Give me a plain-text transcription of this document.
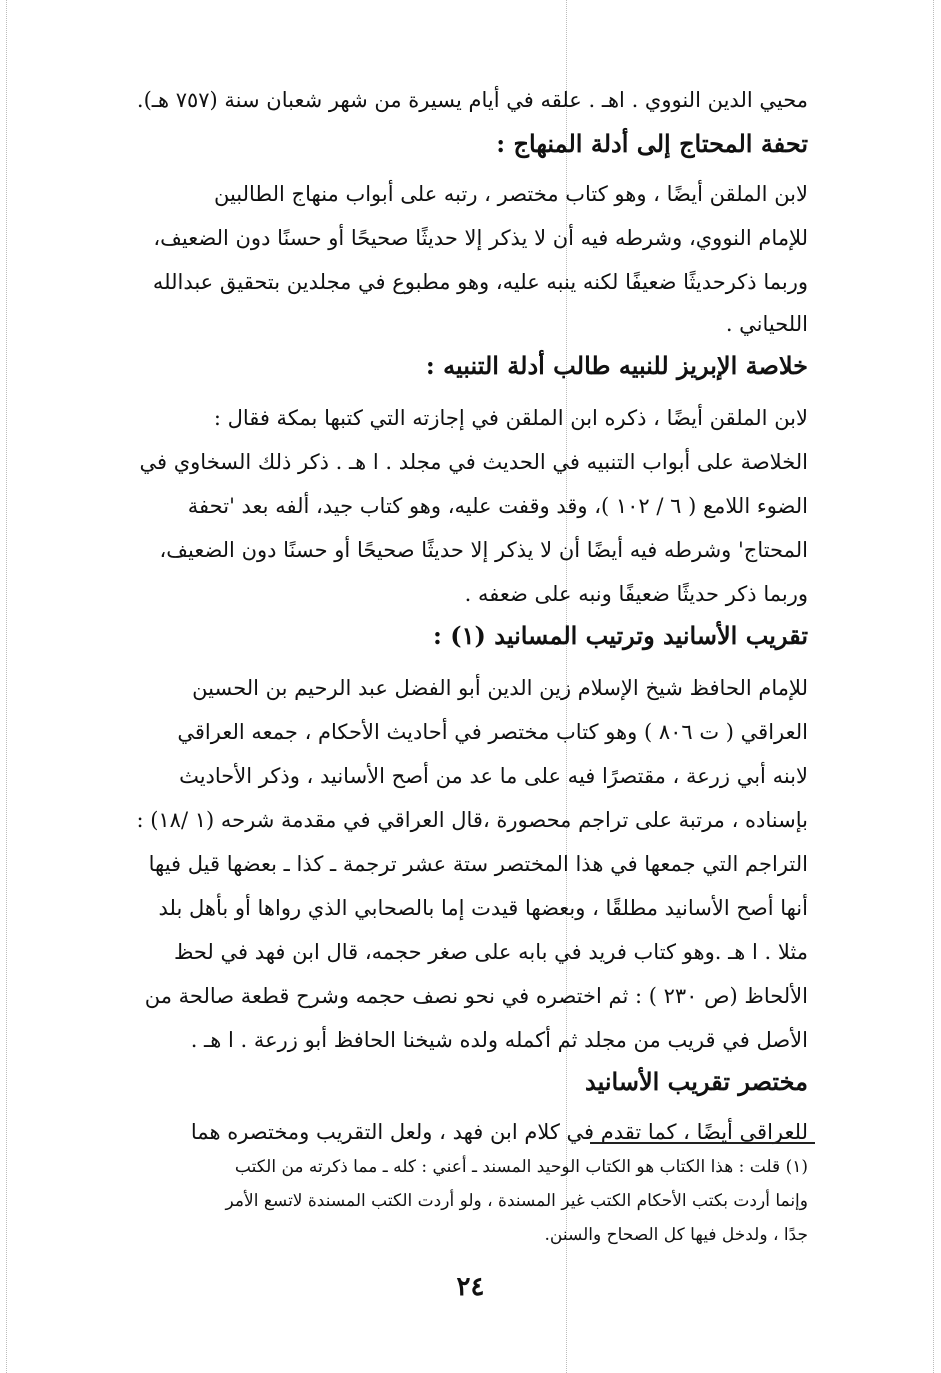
محيي الدين النووي . اهـ . علقه في أيام يسيرة من شهر شعبان سنة (٧٥٧ هـ).
تحفة المحتاج إلى أدلة المنهاج :
لابن الملقن أيضًا ، وهو كتاب مختصر ، رتبه على أبواب منهاج الطالبين
للإمام النووي، وشرطه فيه أن لا يذكر إلا حديثًا صحيحًا أو حسنًا دون الضعيف،
وربما ذكرحديثًا ضعيفًا لكنه ينبه عليه، وهو مطبوع في مجلدين بتحقيق عبدالله
اللحياني .
خلاصة الإبريز للنبيه طالب أدلة التنبيه :
لابن الملقن أيضًا ، ذكره ابن الملقن في إجازته التي كتبها بمكة فقال :
الخلاصة على أبواب التنبيه في الحديث في مجلد . ا هـ . ذكر ذلك السخاوي في
الضوء اللامع ( ٦ / ١٠٢ )، وقد وقفت عليه، وهو كتاب جيد، ألفه بعد 'تحفة
المحتاج' وشرطه فيه أيضًا أن لا يذكر إلا حديثًا صحيحًا أو حسنًا دون الضعيف،
وربما ذكر حديثًا ضعيفًا ونبه على ضعفه .
تقريب الأسانيد وترتيب المسانيد (١) :
للإمام الحافظ شيخ الإسلام زين الدين أبو الفضل عبد الرحيم بن الحسين
العراقي ( ت ٨٠٦ ) وهو كتاب مختصر في أحاديث الأحكام ، جمعه العراقي
لابنه أبي زرعة ، مقتصرًا فيه على ما عد من أصح الأسانيد ، وذكر الأحاديث
بإسناده ، مرتبة على تراجم محصورة ،قال العراقي في مقدمة شرحه (١ /١٨) :
التراجم التي جمعها في هذا المختصر ستة عشر ترجمة ـ كذا ـ بعضها قيل فيها
أنها أصح الأسانيد مطلقًا ، وبعضها قيدت إما بالصحابي الذي رواها أو بأهل بلد
مثلا . ا هـ .وهو كتاب فريد في بابه على صغر حجمه، قال ابن فهد في لحظ
الألحاظ (ص ٢٣٠ ) : ثم اختصره في نحو نصف حجمه وشرح قطعة صالحة من
الأصل في قريب من مجلد ثم أكمله ولده شيخنا الحافظ أبو زرعة . ا هـ .
مختصر تقريب الأسانيد
للعراقي أيضًا ، كما تقدم في كلام ابن فهد ، ولعل التقريب ومختصره هما
(١) قلت : هذا الكتاب هو الكتاب الوحيد المسند ـ أعني : كله ـ مما ذكرته من الكتب
وإنما أردت بكتب الأحكام الكتب غير المسندة ، ولو أردت الكتب المسندة لاتسع الأمر
جدًا ، ولدخل فيها كل الصحاح والسنن.
٢٤
